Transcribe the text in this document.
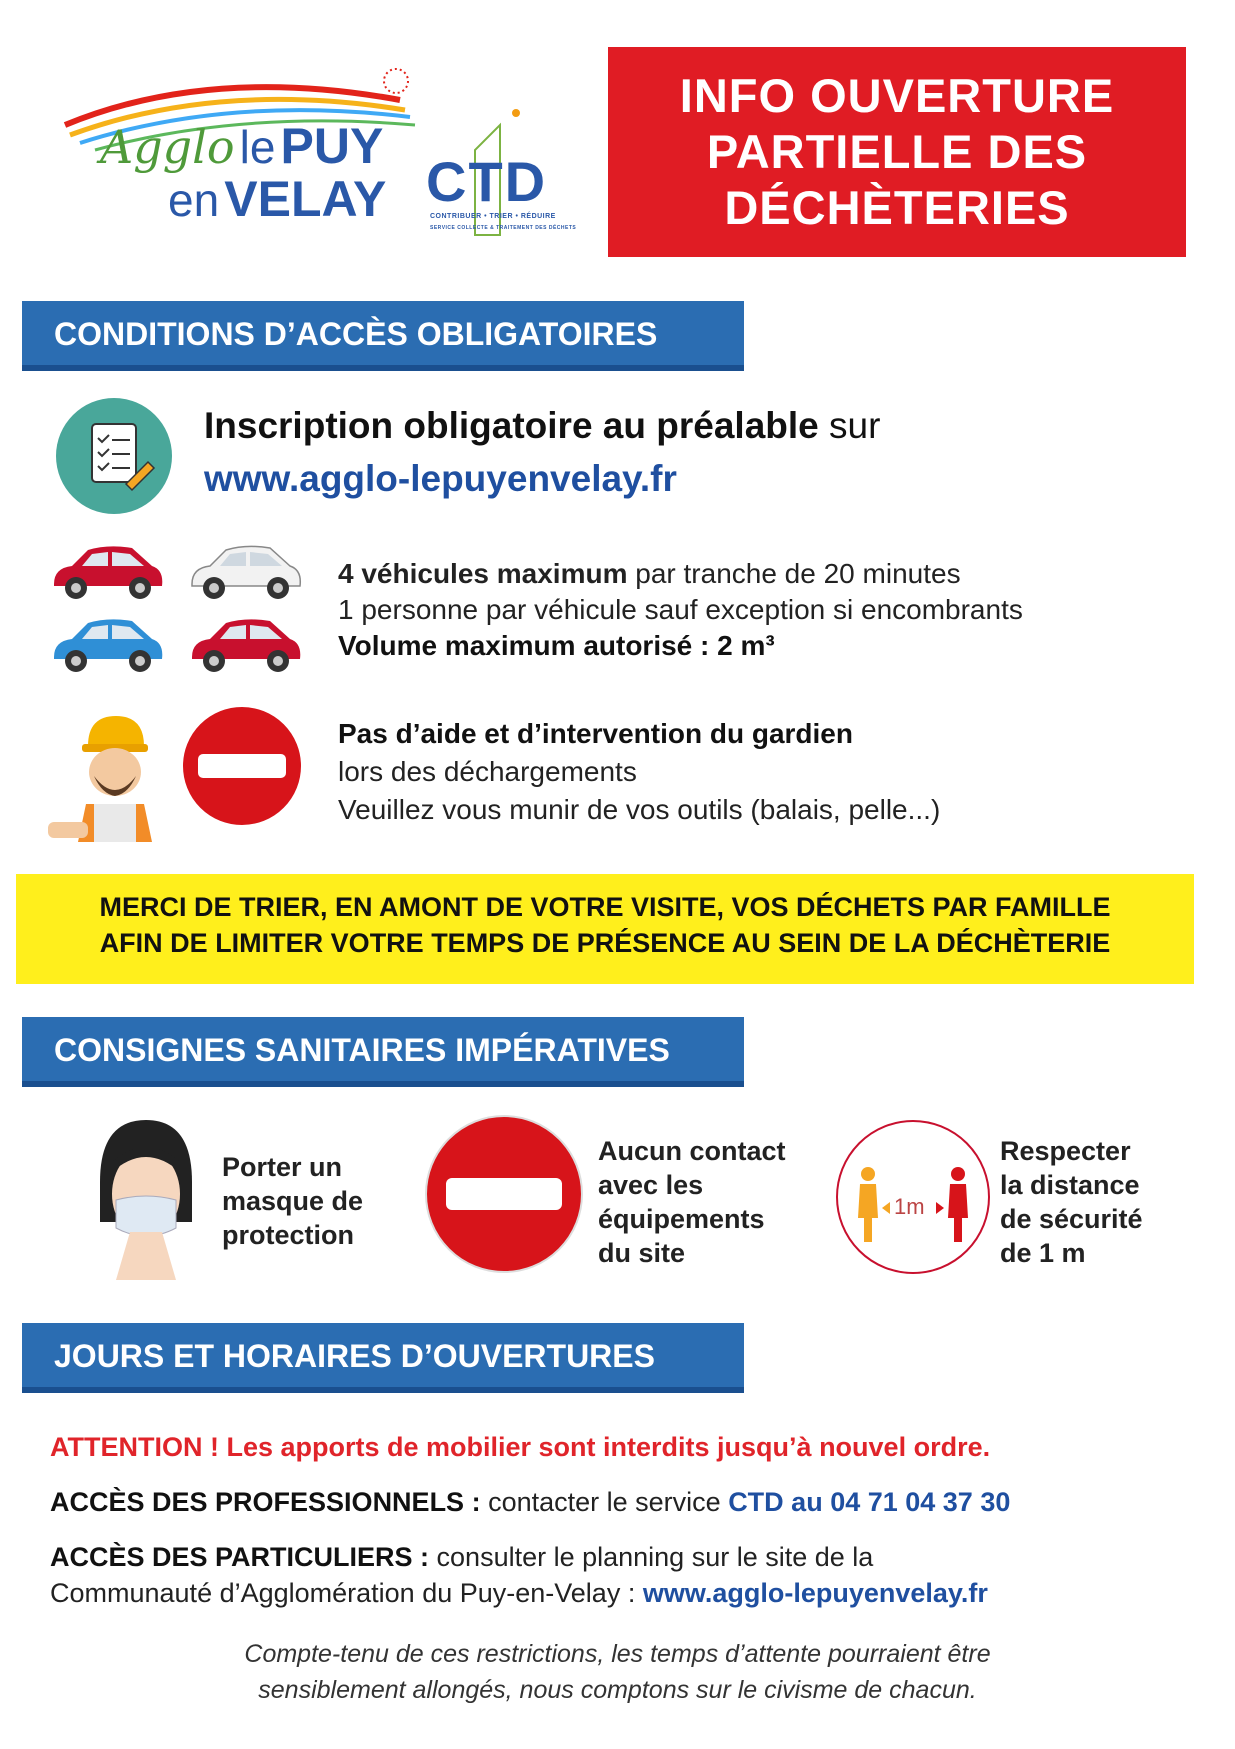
Agglo le PUY
en VELAY CTD
CONTRIBUER • TRIER • RÉDUIRE
SERVICE COLLECTE & TRAITEMENT DES DÉCHETS
INFO OUVERTURE
PARTIELLE DES
DÉCHÈTERIES
CONDITIONS D’ACCÈS OBLIGATOIRES
Inscription obligatoire au préalable sur
www.agglo-lepuyenvelay.fr
4 véhicules maximum par tranche de 20 minutes
1 personne par véhicule sauf exception si encombrants
Volume maximum autorisé : 2 m³
Pas d’aide et d’intervention du gardien
lors des déchargements
Veuillez vous munir de vos outils (balais, pelle...)
MERCI DE TRIER, EN AMONT DE VOTRE VISITE, VOS DÉCHETS PAR FAMILLE
AFIN DE LIMITER VOTRE TEMPS DE PRÉSENCE AU SEIN DE LA DÉCHÈTERIE
CONSIGNES SANITAIRES IMPÉRATIVES
Porter un
masque de
protection
Aucun contact
avec les
équipements
du site
1m
Respecter
la distance
de sécurité
de 1 m
JOURS ET HORAIRES D’OUVERTURES
ATTENTION ! Les apports de mobilier sont interdits jusqu’à nouvel ordre.
ACCÈS DES PROFESSIONNELS : contacter le service CTD au 04 71 04 37 30
ACCÈS DES PARTICULIERS : consulter le planning sur le site de la
Communauté d’Agglomération du Puy-en-Velay : www.agglo-lepuyenvelay.fr
Compte-tenu de ces restrictions, les temps d’attente pourraient être
sensiblement allongés, nous comptons sur le civisme de chacun.
